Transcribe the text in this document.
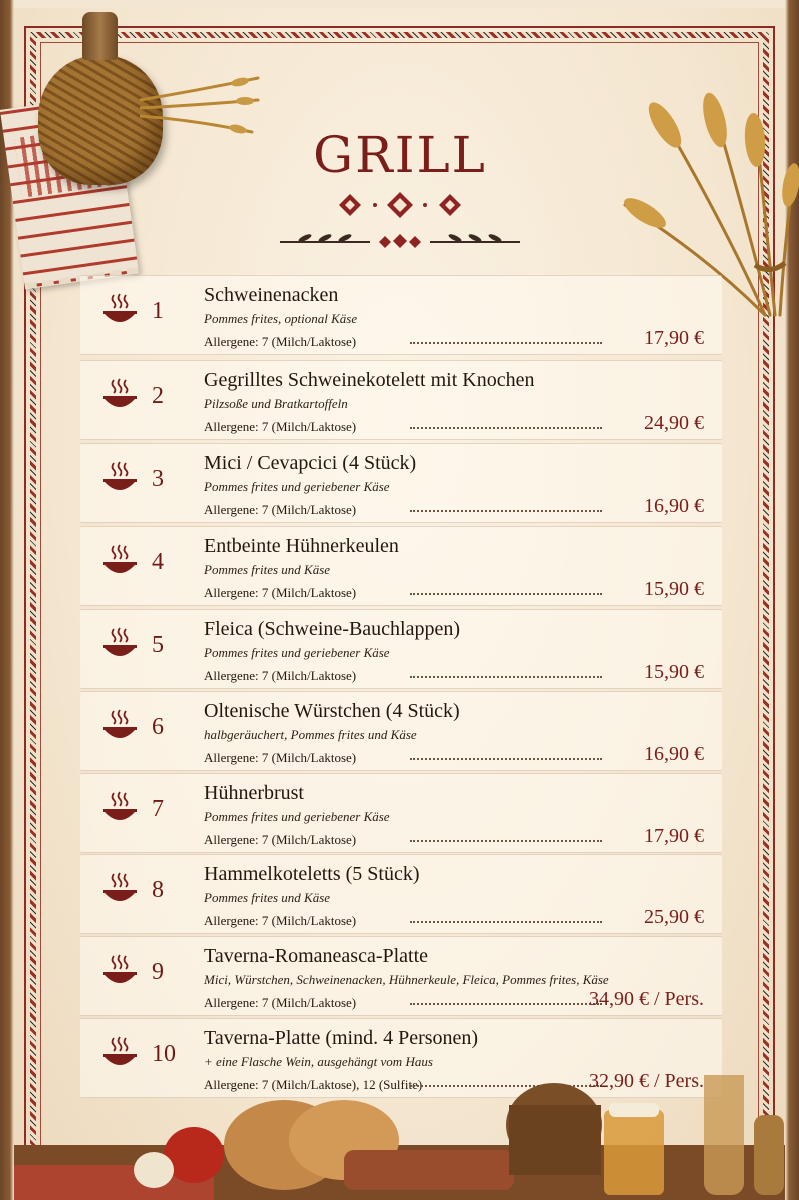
GRILL
1
Schweinenacken
Pommes frites, optional Käse
Allergene: 7 (Milch/Laktose)	17,90 €
2
Gegrilltes Schweinekotelett mit Knochen
Pilzsoße und Bratkartoffeln
Allergene: 7 (Milch/Laktose)	24,90 €
3
Mici / Cevapcici (4 Stück)
Pommes frites und geriebener Käse
Allergene: 7 (Milch/Laktose)	16,90 €
4
Entbeinte Hühnerkeulen
Pommes frites und Käse
Allergene: 7 (Milch/Laktose)	15,90 €
5
Fleica (Schweine-Bauchlappen)
Pommes frites und geriebener Käse
Allergene: 7 (Milch/Laktose)	15,90 €
6
Oltenische Würstchen (4 Stück)
halbgeräuchert, Pommes frites und Käse
Allergene: 7 (Milch/Laktose)	16,90 €
7
Hühnerbrust
Pommes frites und geriebener Käse
Allergene: 7 (Milch/Laktose)	17,90 €
8
Hammelkoteletts (5 Stück)
Pommes frites und Käse
Allergene: 7 (Milch/Laktose)	25,90 €
9
Taverna-Romaneasca-Platte
Mici, Würstchen, Schweinenacken, Hühnerkeule, Fleica, Pommes frites, Käse
Allergene: 7 (Milch/Laktose)	34,90 € / Pers.
10
Taverna-Platte (mind. 4 Personen)
+ eine Flasche Wein, ausgehängt vom Haus
Allergene: 7 (Milch/Laktose), 12 (Sulfite)	32,90 € / Pers.
